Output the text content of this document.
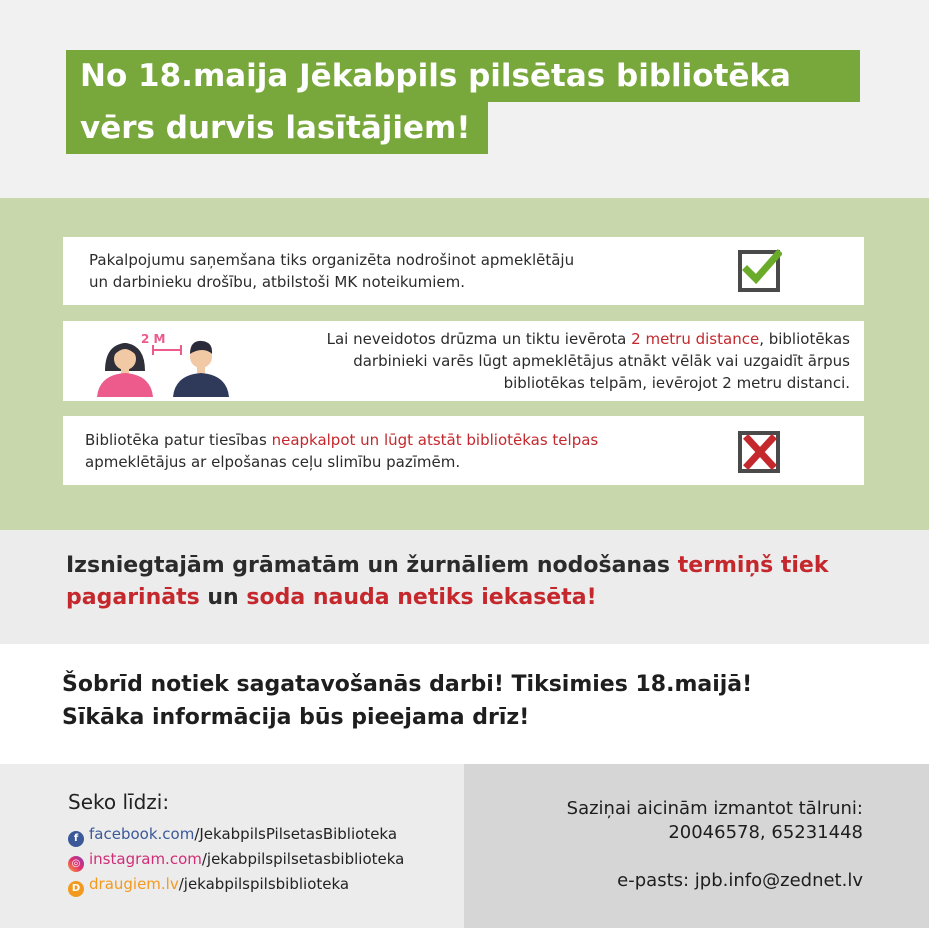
No 18.maija Jēkabpils pilsētas bibliotēka
vērs durvis lasītājiem!
Pakalpojumu saņemšana tiks organizēta nodrošinot apmeklētāju
un darbinieku drošību, atbilstoši MK noteikumiem.
2 M	Lai neveidotos drūzma un tiktu ievērota 2 metru distance, bibliotēkas
darbinieki varēs lūgt apmeklētājus atnākt vēlāk vai uzgaidīt ārpus
bibliotēkas telpām, ievērojot 2 metru distanci.
Bibliotēka patur tiesības neapkalpot un lūgt atstāt bibliotēkas telpas
apmeklētājus ar elpošanas ceļu slimību pazīmēm.
Izsniegtajām grāmatām un žurnāliem nodošanas termiņš tiek pagarināts un soda nauda netiks iekasēta!
Šobrīd notiek sagatavošanās darbi! Tiksimies 18.maijā!
Sīkāka informācija būs pieejama drīz!
Seko līdzi:
f facebook.com/JekabpilsPilsetasBiblioteka
◎ instagram.com/jekabpilspilsetasbiblioteka
D draugiem.lv/jekabpilspilsbiblioteka
Saziņai aicinām izmantot tālruni:
20046578, 65231448
e-pasts: jpb.info@zednet.lv
